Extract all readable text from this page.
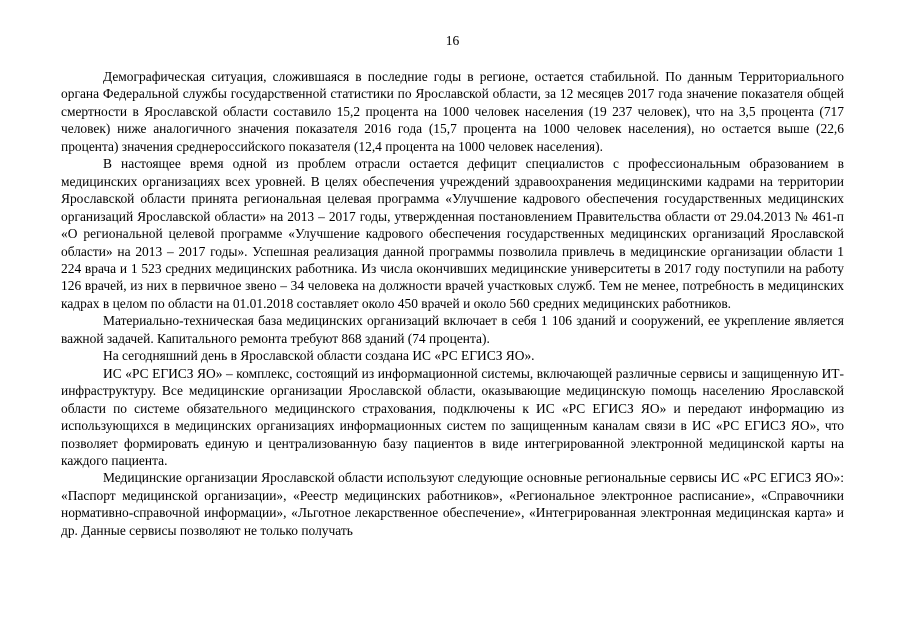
16

Демографическая ситуация, сложившаяся в последние годы в регионе, остается стабильной. По данным Территориального органа Федеральной службы государственной статистики по Ярославской области, за 12 месяцев 2017 года значение показателя общей смертности в Ярославской области составило 15,2 процента на 1000 человек населения (19 237 человек), что на 3,5 процента (717 человек) ниже аналогичного значения показателя 2016 года (15,7 процента на 1000 человек населения), но остается выше (22,6 процента) значения среднероссийского показателя (12,4 процента на 1000 человек населения).

В настоящее время одной из проблем отрасли остается дефицит специалистов с профессиональным образованием в медицинских организациях всех уровней. В целях обеспечения учреждений здравоохранения медицинскими кадрами на территории Ярославской области принята региональная целевая программа «Улучшение кадрового обеспечения государственных медицинских организаций Ярославской области» на 2013 – 2017 годы, утвержденная постановлением Правительства области от 29.04.2013 № 461-п «О региональной целевой программе «Улучшение кадрового обеспечения государственных медицинских организаций Ярославской области» на 2013 – 2017 годы». Успешная реализация данной программы позволила привлечь в медицинские организации области 1 224 врача и 1 523 средних медицинских работника. Из числа окончивших медицинские университеты в 2017 году поступили на работу 126 врачей, из них в первичное звено – 34 человека на должности врачей участковых служб. Тем не менее, потребность в медицинских кадрах в целом по области на 01.01.2018 составляет около 450 врачей и около 560 средних медицинских работников.

Материально-техническая база медицинских организаций включает в себя 1 106 зданий и сооружений, ее укрепление является важной задачей. Капитального ремонта требуют 868 зданий (74 процента).

На сегодняшний день в Ярославской области создана ИС «РС ЕГИСЗ ЯО».

ИС «РС ЕГИСЗ ЯО» – комплекс, состоящий из информационной системы, включающей различные сервисы и защищенную ИТ-инфраструктуру. Все медицинские организации Ярославской области, оказывающие медицинскую помощь населению Ярославской области по системе обязательного медицинского страхования, подключены к ИС «РС ЕГИСЗ ЯО» и передают информацию из использующихся в медицинских организациях информационных систем по защищенным каналам связи в ИС «РС ЕГИСЗ ЯО», что позволяет формировать единую и централизованную базу пациентов в виде интегрированной электронной медицинской карты на каждого пациента.

Медицинские организации Ярославской области используют следующие основные региональные сервисы ИС «РС ЕГИСЗ ЯО»: «Паспорт медицинской организации», «Реестр медицинских работников», «Региональное электронное расписание», «Справочники нормативно-справочной информации», «Льготное лекарственное обеспечение», «Интегрированная электронная медицинская карта» и др. Данные сервисы позволяют не только получать
